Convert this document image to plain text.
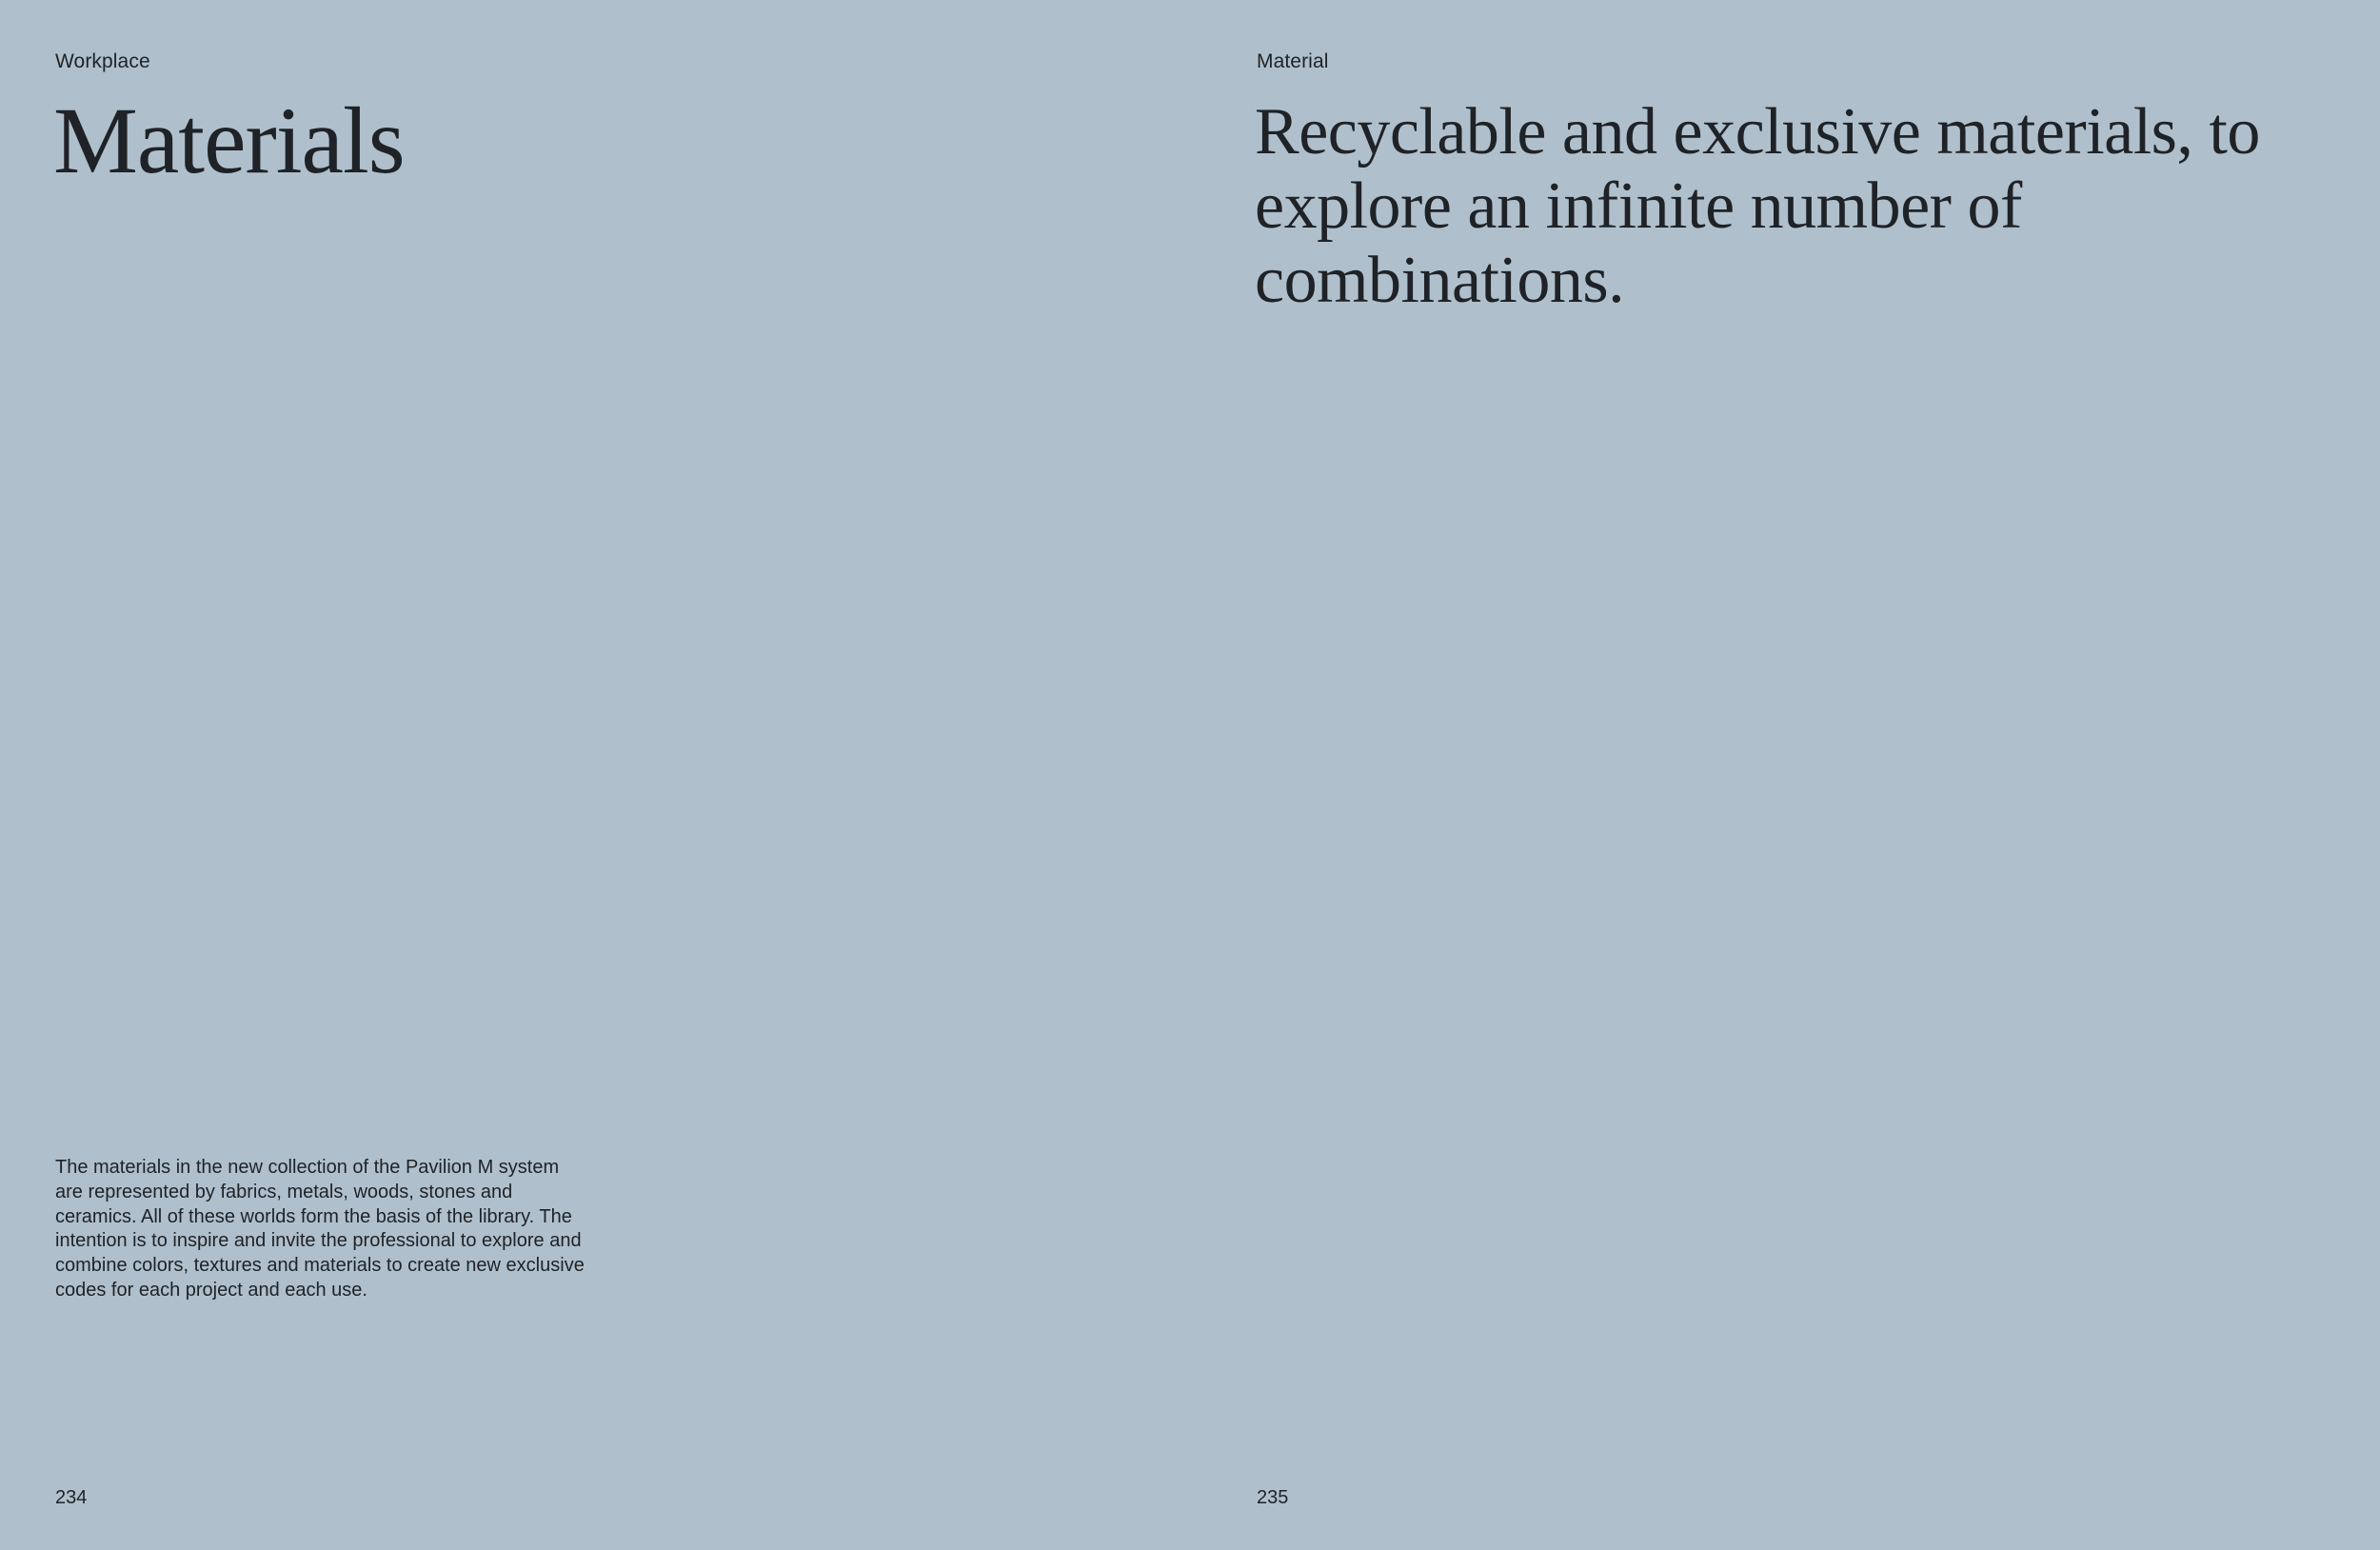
Workplace
Materials

The materials in the new collection of the Pavilion M system are represented by fabrics, metals, woods, stones and ceramics. All of these worlds form the basis of the library. The intention is to inspire and invite the professional to explore and combine colors, textures and materials to create new exclusive codes for each project and each use.

234
Material
Recyclable and exclusive materials, to explore an infinite number of combinations.
235
